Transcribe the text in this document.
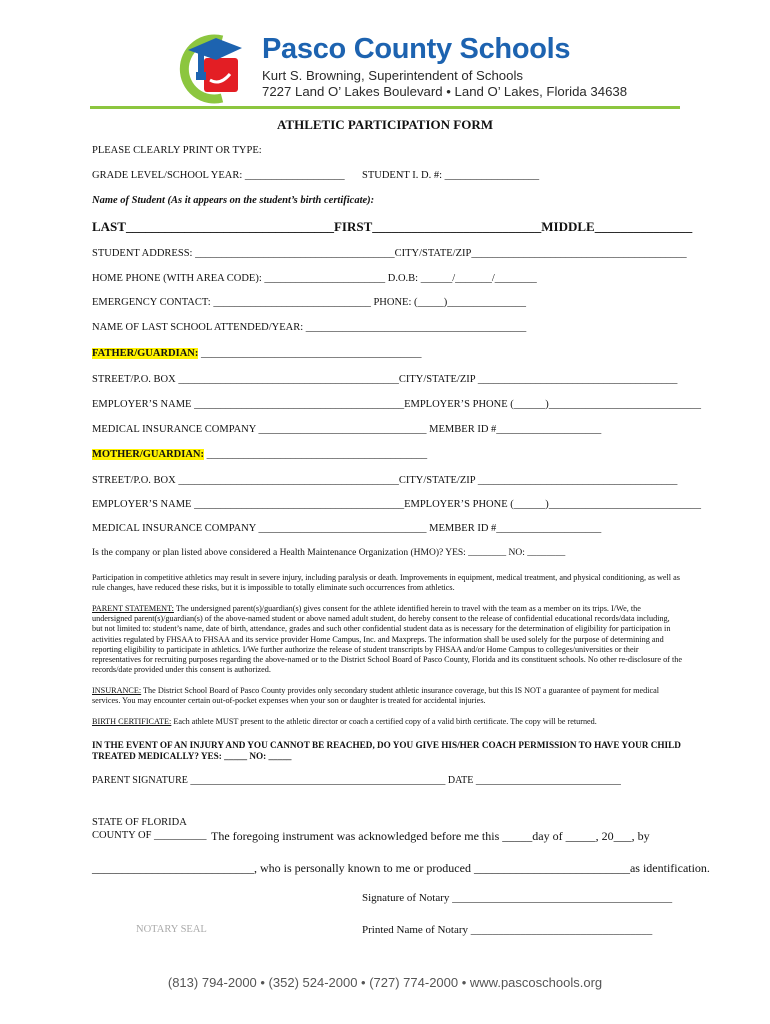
Pasco County Schools
Kurt S. Browning, Superintendent of Schools
7227 Land O’ Lakes Boulevard • Land O’ Lakes, Florida 34638
ATHLETIC PARTICIPATION FORM
PLEASE CLEARLY PRINT OR TYPE:
GRADE LEVEL/SCHOOL YEAR: ___________________ STUDENT I. D. #: __________________
Name of Student (As it appears on the student’s birth certificate):
LAST________________________________FIRST__________________________MIDDLE_______________
STUDENT ADDRESS: ______________________________________CITY/STATE/ZIP_________________________________________
HOME PHONE (WITH AREA CODE): _______________________ D.O.B: ______/_______/________
EMERGENCY CONTACT: ______________________________ PHONE: (_____)_______________
NAME OF LAST SCHOOL ATTENDED/YEAR: __________________________________________
FATHER/GUARDIAN: __________________________________________
STREET/P.O. BOX __________________________________________CITY/STATE/ZIP ______________________________________
EMPLOYER’S NAME ________________________________________EMPLOYER’S PHONE (______)_____________________________
MEDICAL INSURANCE COMPANY ________________________________ MEMBER ID #____________________
MOTHER/GUARDIAN: __________________________________________
STREET/P.O. BOX __________________________________________CITY/STATE/ZIP ______________________________________
EMPLOYER’S NAME ________________________________________EMPLOYER’S PHONE (______)_____________________________
MEDICAL INSURANCE COMPANY ________________________________ MEMBER ID #____________________
Is the company or plan listed above considered a Health Maintenance Organization (HMO)? YES: ________ NO: ________
Participation in competitive athletics may result in severe injury, including paralysis or death. Improvements in equipment, medical treatment, and physical conditioning, as well as rule changes, have reduced these risks, but it is impossible to totally eliminate such occurrences from athletics.
PARENT STATEMENT: The undersigned parent(s)/guardian(s) gives consent for the athlete identified herein to travel with the team as a member on its trips. I/We, the undersigned parent(s)/guardian(s) of the above-named student or above named adult student, do hereby consent to the release of confidential educational records/data including, but not limited to: student’s name, date of birth, attendance, grades and such other confidential student data as is necessary for the determination of eligibility for participation in activities regulated by FHSAA to FHSAA and its service provider Home Campus, Inc. and Maxpreps. The information shall be used solely for the purpose of determining and reporting eligibility to participate in athletics. I/We further authorize the release of student transcripts by FHSAA and/or Home Campus to colleges/universities or their representatives for recruiting purposes regarding the above-named or to the District School Board of Pasco County, Florida and its constituent schools. No other re-disclosure of the records/date provided under this consent is authorized.
INSURANCE: The District School Board of Pasco County provides only secondary student athletic insurance coverage, but this IS NOT a guarantee of payment for medical services. You may encounter certain out-of-pocket expenses when your son or daughter is treated for accidental injuries.
BIRTH CERTIFICATE: Each athlete MUST present to the athletic director or coach a certified copy of a valid birth certificate. The copy will be returned.
IN THE EVENT OF AN INJURY AND YOU CANNOT BE REACHED, DO YOU GIVE HIS/HER COACH PERMISSION TO HAVE YOUR CHILD TREATED MEDICALLY? YES: _____ NO: _____
PARENT SIGNATURE ___________________________________________________ DATE _____________________________
STATE OF FLORIDA
COUNTY OF __________ The foregoing instrument was acknowledged before me this _____day of _____, 20___, by
___________________________, who is personally known to me or produced __________________________as identification.
Signature of Notary ________________________________________
NOTARY SEAL	Printed Name of Notary _________________________________
(813) 794-2000 • (352) 524-2000 • (727) 774-2000 • www.pascoschools.org
